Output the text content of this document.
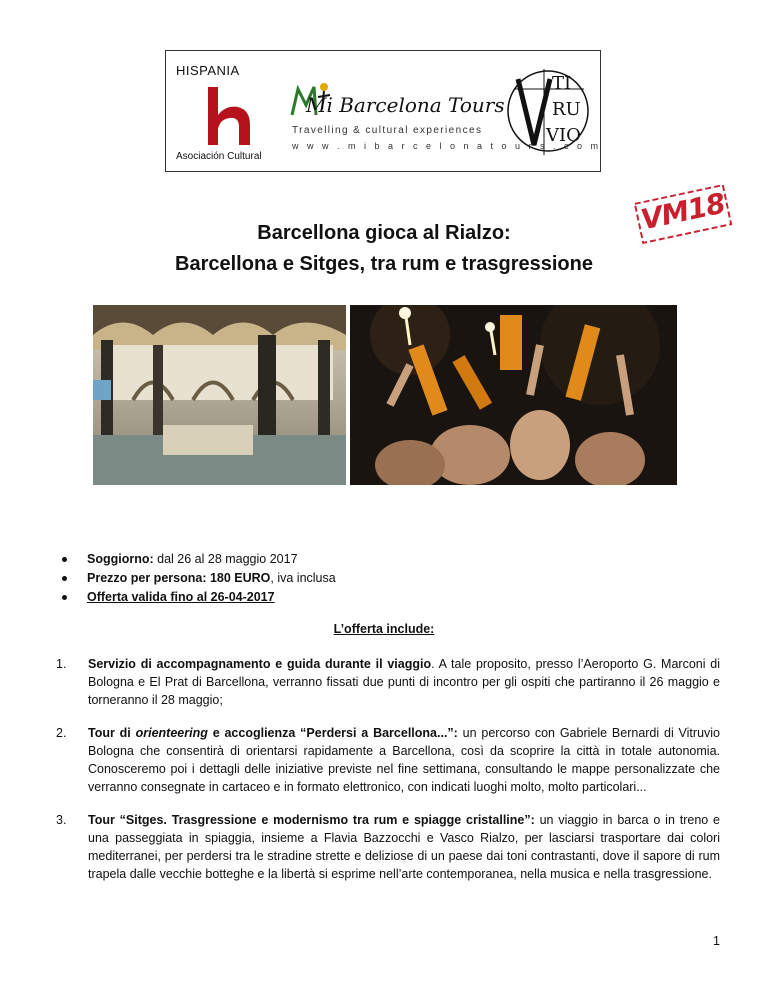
HISPANIA
Asociación Cultural
Mi Barcelona Tours
Travelling & cultural experiences
w w w . m i b a r c e l o n a t o u r s . c o m
TI
RU
VIO
VM18
Barcellona gioca al Rialzo:
Barcellona e Sitges, tra rum e trasgressione
Soggiorno: dal 26 al 28 maggio 2017
Prezzo per persona: 180 EURO, iva inclusa
Offerta valida fino al 26-04-2017
L’offerta include:
1. Servizio di accompagnamento e guida durante il viaggio. A tale proposito, presso l’Aeroporto G. Marconi di Bologna e El Prat di Barcellona, verranno fissati due punti di incontro per gli ospiti che partiranno il 26 maggio e torneranno il 28 maggio;
2. Tour di orienteering e accoglienza “Perdersi a Barcellona...”: un percorso con Gabriele Bernardi di Vitruvio Bologna che consentirà di orientarsi rapidamente a Barcellona, così da scoprire la città in totale autonomia. Conosceremo poi i dettagli delle iniziative previste nel fine settimana, consultando le mappe personalizzate che verranno consegnate in cartaceo e in formato elettronico, con indicati luoghi molto, molto particolari...
3. Tour “Sitges. Trasgressione e modernismo tra rum e spiagge cristalline”: un viaggio in barca o in treno e una passeggiata in spiaggia, insieme a Flavia Bazzocchi e Vasco Rialzo, per lasciarsi trasportare dai colori mediterranei, per perdersi tra le stradine strette e deliziose di un paese dai toni contrastanti, dove il sapore di rum trapela dalle vecchie botteghe e la libertà si esprime nell’arte contemporanea, nella musica e nella trasgressione.
1
